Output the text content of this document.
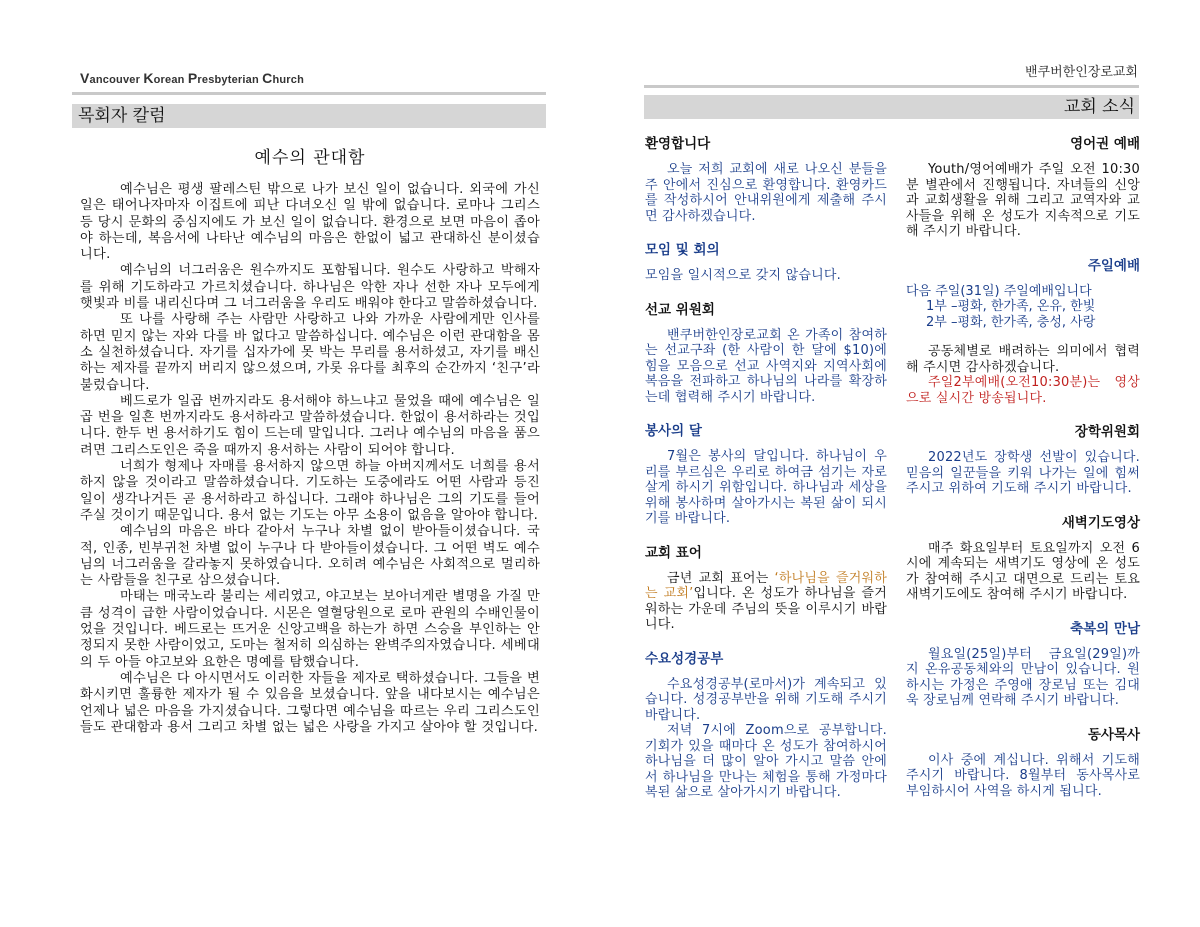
Vancouver Korean Presbyterian Church	밴쿠버한인장로교회
목회자 칼럼	교회 소식
예수의 관대함

예수님은 평생 팔레스틴 밖으로 나가 보신 일이 없습니다. 외국에 가신 일은 태어나자마자 이집트에 피난 다녀오신 일 밖에 없습니다. 로마나 그리스 등 당시 문화의 중심지에도 가 보신 일이 없습니다. 환경으로 보면 마음이 좁아야 하는데, 복음서에 나타난 예수님의 마음은 한없이 넓고 관대하신 분이셨습니다.

예수님의 너그러움은 원수까지도 포함됩니다. 원수도 사랑하고 박해자를 위해 기도하라고 가르치셨습니다. 하나님은 악한 자나 선한 자나 모두에게 햇빛과 비를 내리신다며 그 너그러움을 우리도 배워야 한다고 말씀하셨습니다.

또 나를 사랑해 주는 사람만 사랑하고 나와 가까운 사람에게만 인사를 하면 믿지 않는 자와 다를 바 없다고 말씀하십니다. 예수님은 이런 관대함을 몸소 실천하셨습니다. 자기를 십자가에 못 박는 무리를 용서하셨고, 자기를 배신하는 제자를 끝까지 버리지 않으셨으며, 가롯 유다를 최후의 순간까지 ‘친구’라 불렀습니다.

베드로가 일곱 번까지라도 용서해야 하느냐고 물었을 때에 예수님은 일곱 번을 일흔 번까지라도 용서하라고 말씀하셨습니다. 한없이 용서하라는 것입니다. 한두 번 용서하기도 힘이 드는데 말입니다. 그러나 예수님의 마음을 품으려면 그리스도인은 죽을 때까지 용서하는 사람이 되어야 합니다.

너희가 형제나 자매를 용서하지 않으면 하늘 아버지께서도 너희를 용서하지 않을 것이라고 말씀하셨습니다. 기도하는 도중에라도 어떤 사람과 등진 일이 생각나거든 곧 용서하라고 하십니다. 그래야 하나님은 그의 기도를 들어 주실 것이기 때문입니다. 용서 없는 기도는 아무 소용이 없음을 알아야 합니다.

예수님의 마음은 바다 같아서 누구나 차별 없이 받아들이셨습니다. 국적, 인종, 빈부귀천 차별 없이 누구나 다 받아들이셨습니다. 그 어떤 벽도 예수님의 너그러움을 갈라놓지 못하였습니다. 오히려 예수님은 사회적으로 멀리하는 사람들을 친구로 삼으셨습니다.

마태는 매국노라 불리는 세리였고, 야고보는 보아너게란 별명을 가질 만큼 성격이 급한 사람이었습니다. 시몬은 열혈당원으로 로마 관원의 수배인물이었을 것입니다. 베드로는 뜨거운 신앙고백을 하는가 하면 스승을 부인하는 안정되지 못한 사람이었고, 도마는 철저히 의심하는 완벽주의자였습니다. 세베대의 두 아들 야고보와 요한은 명예를 탐했습니다.

예수님은 다 아시면서도 이러한 자들을 제자로 택하셨습니다. 그들을 변화시키면 훌륭한 제자가 될 수 있음을 보셨습니다. 앞을 내다보시는 예수님은 언제나 넓은 마음을 가지셨습니다. 그렇다면 예수님을 따르는 우리 그리스도인들도 관대함과 용서 그리고 차별 없는 넓은 사랑을 가지고 살아야 할 것입니다.

환영합니다
오늘 저희 교회에 새로 나오신 분들을 주 안에서 진심으로 환영합니다. 환영카드를 작성하시어 안내위원에게 제출해 주시면 감사하겠습니다.
모임 및 회의
모임을 일시적으로 갖지 않습니다.
선교 위원회
밴쿠버한인장로교회 온 가족이 참여하는 선교구좌 (한 사람이 한 달에 $10)에 힘을 모음으로 선교 사역지와 지역사회에 복음을 전파하고 하나님의 나라를 확장하는데 협력해 주시기 바랍니다.
봉사의 달
7월은 봉사의 달입니다. 하나님이 우리를 부르심은 우리로 하여금 섬기는 자로 살게 하시기 위함입니다. 하나님과 세상을 위해 봉사하며 살아가시는 복된 삶이 되시기를 바랍니다.
교회 표어
금년 교회 표어는 ‘하나님을 즐거워하는 교회’입니다. 온 성도가 하나님을 즐거워하는 가운데 주님의 뜻을 이루시기 바랍니다.
수요성경공부
수요성경공부(로마서)가 계속되고 있습니다. 성경공부반을 위해 기도해 주시기 바랍니다.
저녁 7시에 Zoom으로 공부합니다. 기회가 있을 때마다 온 성도가 참여하시어 하나님을 더 많이 알아 가시고 말씀 안에서 하나님을 만나는 체험을 통해 가정마다 복된 삶으로 살아가시기 바랍니다.
영어권 예배
Youth/영어예배가 주일 오전 10:30분 별관에서 진행됩니다. 자녀들의 신앙과 교회생활을 위해 그리고 교역자와 교사들을 위해 온 성도가 지속적으로 기도해 주시기 바랍니다.
주일예배
다음 주일(31일) 주일예배입니다
1부 –평화, 한가족, 온유, 한빛
2부 –평화, 한가족, 충성, 사랑
공동체별로 배려하는 의미에서 협력해 주시면 감사하겠습니다.
주일2부예배(오전10:30분)는 영상으로 실시간 방송됩니다.
장학위원회
2022년도 장학생 선발이 있습니다. 믿음의 일꾼들을 키워 나가는 일에 힘써 주시고 위하여 기도해 주시기 바랍니다.
새벽기도영상
매주 화요일부터 토요일까지 오전 6시에 계속되는 새벽기도 영상에 온 성도가 참여해 주시고 대면으로 드리는 토요새벽기도에도 참여해 주시기 바랍니다.
축복의 만남
월요일(25일)부터 금요일(29일)까지 온유공동체와의 만남이 있습니다. 원하시는 가정은 주영애 장로님 또는 김대욱 장로님께 연락해 주시기 바랍니다.
동사목사
이사 중에 계십니다. 위해서 기도해 주시기 바랍니다. 8월부터 동사목사로 부임하시어 사역을 하시게 됩니다.
